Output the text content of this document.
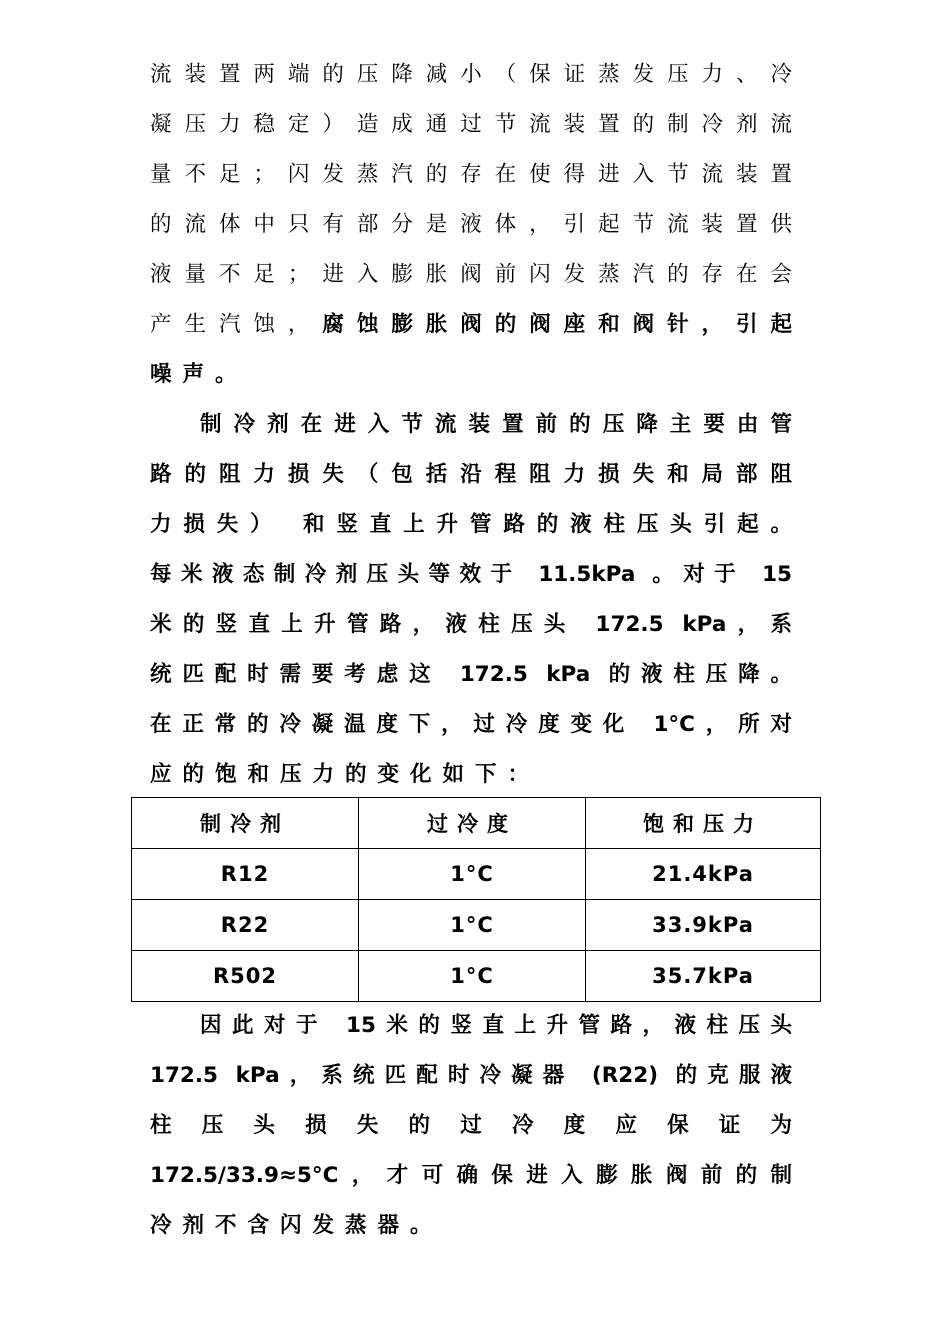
流装置两端的压降减小（保证蒸发压力、冷
凝压力稳定）造成通过节流装置的制冷剂流
量不足；闪发蒸汽的存在使得进入节流装置
的流体中只有部分是液体，引起节流装置供
液量不足；进入膨胀阀前闪发蒸汽的存在会
产生汽蚀，腐蚀膨胀阀的阀座和阀针，引起
噪声。
制冷剂在进入节流装置前的压降主要由管
路的阻力损失（包括沿程阻力损失和局部阻
力损失） 和竖直上升管路的液柱压头引起。
每米液态制冷剂压头等效于 11.5kPa 。对于 15
米的竖直上升管路，液柱压头 172.5 kPa，系
统匹配时需要考虑这 172.5 kPa 的液柱压降。
在正常的冷凝温度下，过冷度变化 1°C，所对
应的饱和压力的变化如下：
制冷剂	过冷度	饱和压力
R12	1°C	21.4kPa
R22	1°C	33.9kPa
R502	1°C	35.7kPa
因此对于 15米的竖直上升管路，液柱压头
172.5 kPa，系统匹配时冷凝器 (R22) 的克服液
柱压头损失的过冷度应保证为
172.5/33.9≈5°C，才可确保进入膨胀阀前的制
冷剂不含闪发蒸器。
